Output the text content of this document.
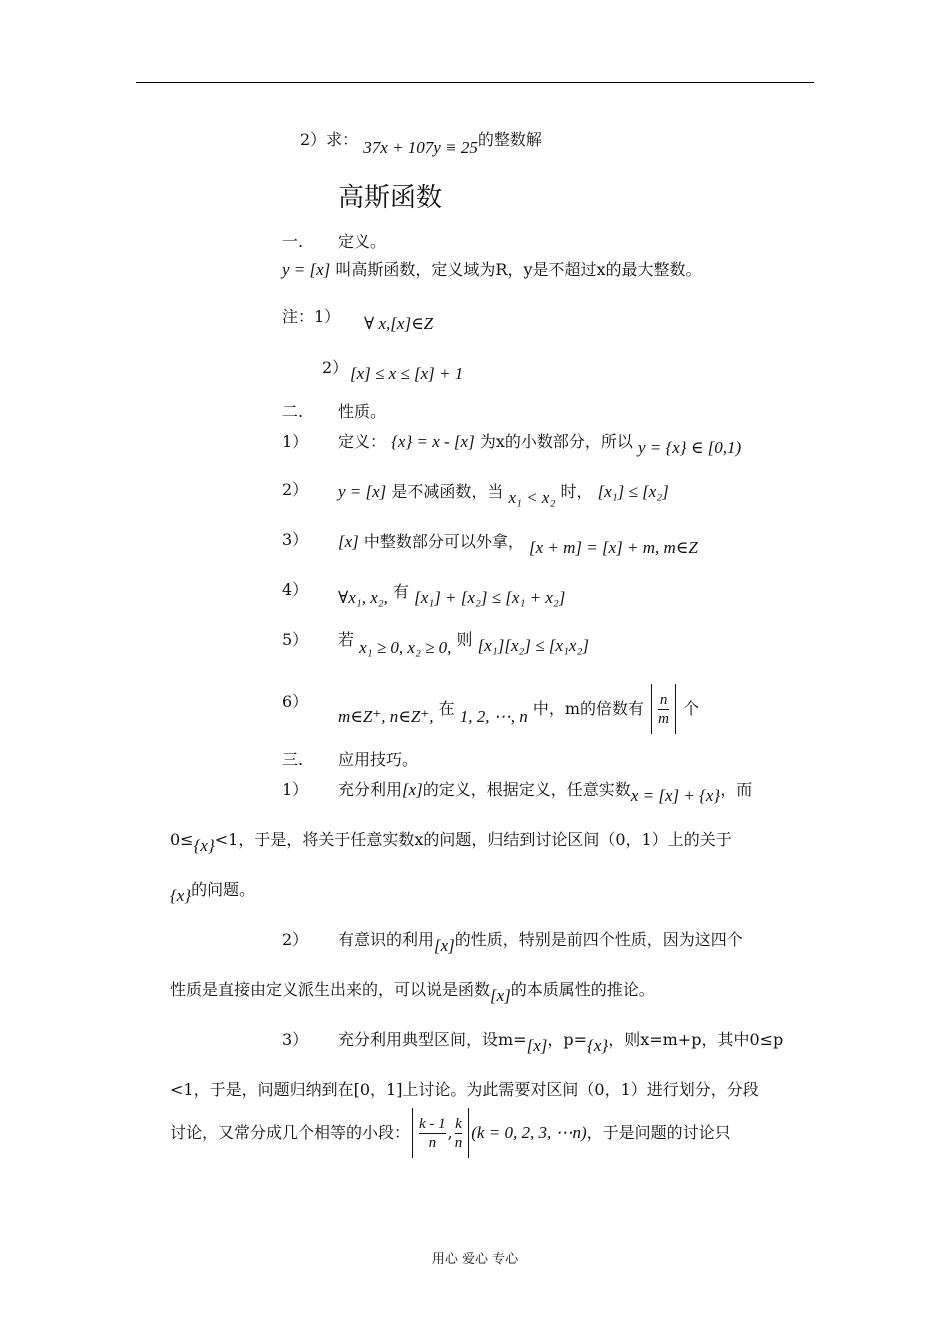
2）求： 37x + 107y ≡ 25的整数解
高斯函数
一. 定义。
y = [x] 叫高斯函数，定义域为R，y是不超过x的最大整数。
注：1） ∀ x,[x]∈Z
2） [x] ≤ x ≤ [x] + 1
二. 性质。
1） 定义： {x} = x - [x] 为x的小数部分，所以 y = {x} ∈ [0,1)
2） y = [x] 是不减函数，当 x₁ < x₂ 时， [x₁] ≤ [x₂]
3） [x] 中整数部分可以外拿， [x + m] = [x] + m, m∈Z
4） ∀x₁, x₂, 有 [x₁] + [x₂] ≤ [x₁ + x₂]
5） 若 x₁ ≥ 0, x₂ ≥ 0, 则 [x₁][x₂] ≤ [x₁x₂]
6）
m∈Z⁺, n∈Z⁺, 在 1, 2, ⋯, n 中，m的倍数有 $\frac{n}{m}$ 个
三. 应用技巧。
1） 充分利用[x]的定义，根据定义，任意实数x = [x] + {x}，而
0≤{x}<1，于是，将关于任意实数x的问题，归结到讨论区间（0，1）上的关于
{x}的问题。
2） 有意识的利用[x]的性质，特别是前四个性质，因为这四个
性质是直接由定义派生出来的，可以说是函数[x]的本质属性的推论。
3） 充分利用典型区间，设m=[x]，p={x}，则x=m+p，其中0≤p
<1，于是，问题归纳到在[0，1]上讨论。为此需要对区间（0，1）进行划分，分段
讨论，又常分成几个相等的小段： $\frac{k - 1}{n}$ , $\frac{k}{n} (k = 0$, 2, 3, ⋯n)，于是问题的讨论只
用心 爱心 专心
